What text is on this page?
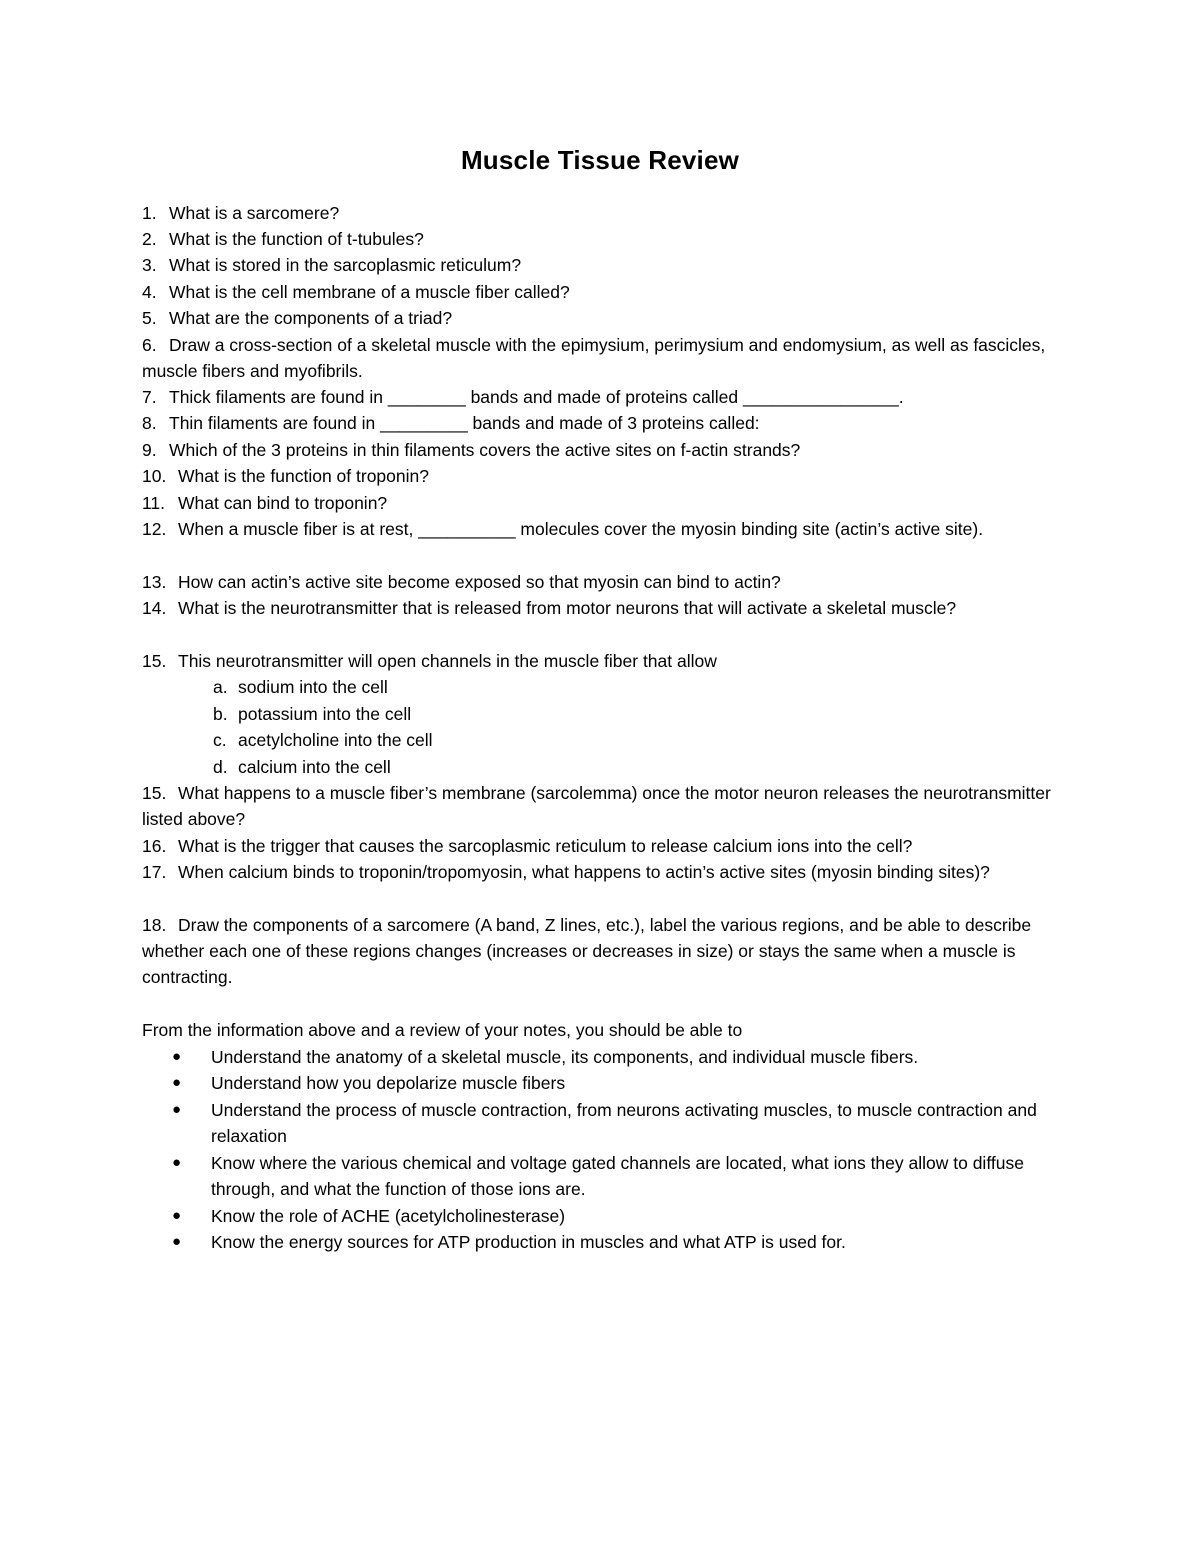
Muscle Tissue Review
1. What is a sarcomere?
2. What is the function of t-tubules?
3. What is stored in the sarcoplasmic reticulum?
4. What is the cell membrane of a muscle fiber called?
5. What are the components of a triad?
6. Draw a cross-section of a skeletal muscle with the epimysium, perimysium and endomysium, as well as fascicles, muscle fibers and myofibrils.
7. Thick filaments are found in ________ bands and made of proteins called ________________.
8. Thin filaments are found in _________ bands and made of 3 proteins called:
9. Which of the 3 proteins in thin filaments covers the active sites on f-actin strands?
10. What is the function of troponin?
11. What can bind to troponin?
12. When a muscle fiber is at rest, __________ molecules cover the myosin binding site (actin’s active site).
13. How can actin’s active site become exposed so that myosin can bind to actin?
14. What is the neurotransmitter that is released from motor neurons that will activate a skeletal muscle?
15. This neurotransmitter will open channels in the muscle fiber that allow
a. sodium into the cell
b. potassium into the cell
c. acetylcholine into the cell
d. calcium into the cell
15. What happens to a muscle fiber’s membrane (sarcolemma) once the motor neuron releases the neurotransmitter listed above?
16. What is the trigger that causes the sarcoplasmic reticulum to release calcium ions into the cell?
17. When calcium binds to troponin/tropomyosin, what happens to actin’s active sites (myosin binding sites)?
18. Draw the components of a sarcomere (A band, Z lines, etc.), label the various regions, and be able to describe whether each one of these regions changes (increases or decreases in size) or stays the same when a muscle is contracting.
From the information above and a review of your notes, you should be able to
● Understand the anatomy of a skeletal muscle, its components, and individual muscle fibers.
● Understand how you depolarize muscle fibers
● Understand the process of muscle contraction, from neurons activating muscles, to muscle contraction and relaxation
● Know where the various chemical and voltage gated channels are located, what ions they allow to diffuse through, and what the function of those ions are.
● Know the role of ACHE (acetylcholinesterase)
● Know the energy sources for ATP production in muscles and what ATP is used for.
